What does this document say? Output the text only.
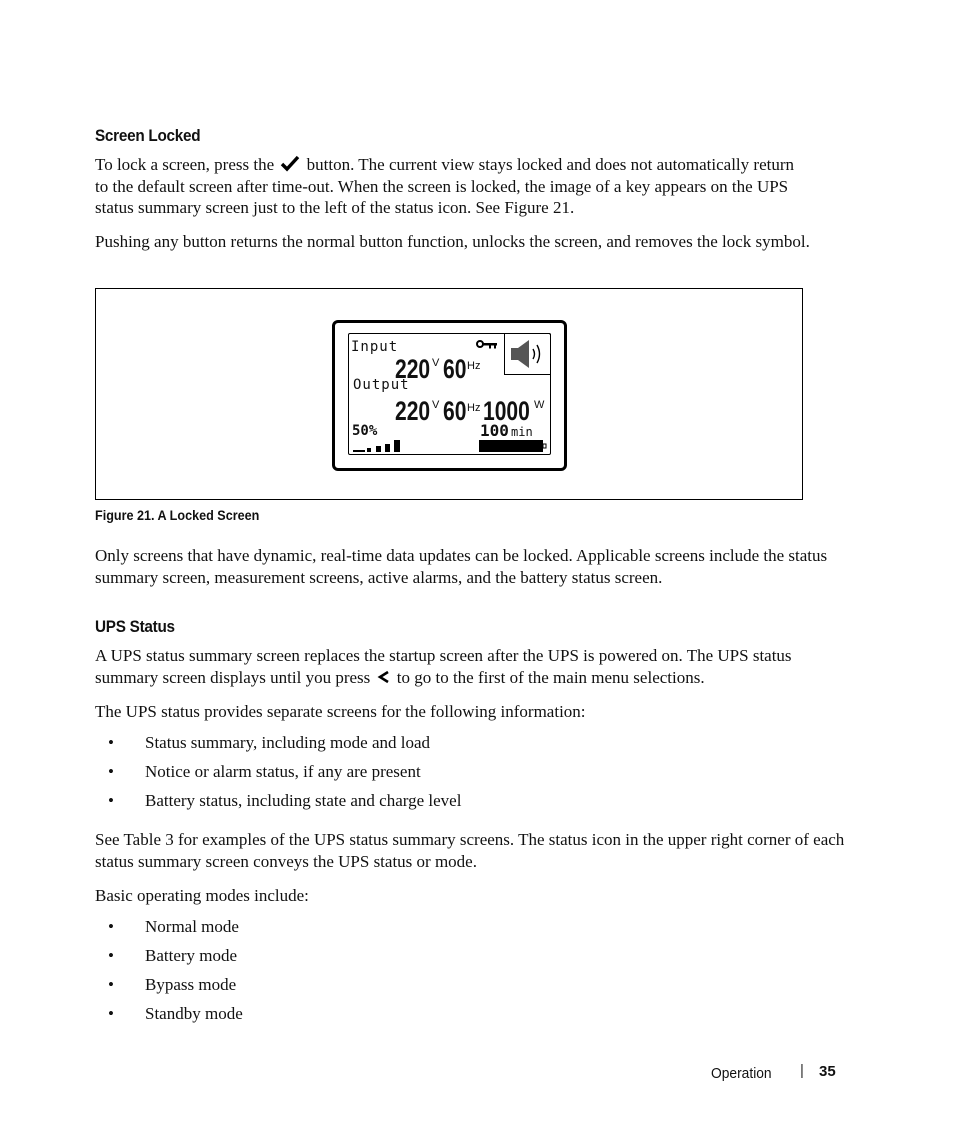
Screen Locked
To lock a screen, press the button. The current view stays locked and does not automatically return
to the default screen after time-out. When the screen is locked, the image of a key appears on the UPS
status summary screen just to the left of the status icon. See Figure 21.
Pushing any button returns the normal button function, unlocks the screen, and removes the lock symbol.
Input
220 V 60 Hz
Output
220 V 60 Hz 1000 W
50%	100 min
Figure 21. A Locked Screen
Only screens that have dynamic, real-time data updates can be locked. Applicable screens include the status summary screen, measurement screens, active alarms, and the battery status screen.
UPS Status
A UPS status summary screen replaces the startup screen after the UPS is powered on. The UPS status
summary screen displays until you press to go to the first of the main menu selections.
The UPS status provides separate screens for the following information:
• Status summary, including mode and load
• Notice or alarm status, if any are present
• Battery status, including state and charge level
See Table 3 for examples of the UPS status summary screens. The status icon in the upper right corner of each status summary screen conveys the UPS status or mode.
Basic operating modes include:
• Normal mode
• Battery mode
• Bypass mode
• Standby mode
Operation | 35
